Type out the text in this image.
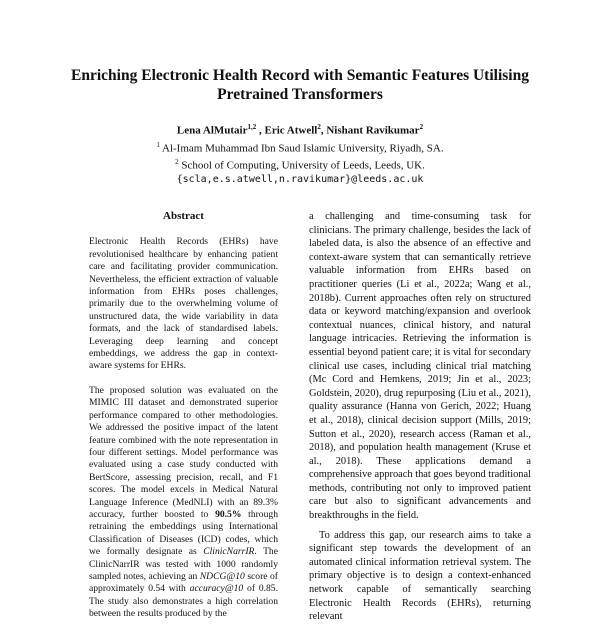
Enriching Electronic Health Record with Semantic Features Utilising
Pretrained Transformers
Lena AlMutair$^{1,2}$ , Eric Atwell$^2$, Nishant Ravikumar$^2$
$^1$ Al-Imam Muhammad Ibn Saud Islamic University, Riyadh, SA.
$^2$ School of Computing, University of Leeds, Leeds, UK.
{scla,e.s.atwell,n.ravikumar}@leeds.ac.uk
Abstract

Electronic Health Records (EHRs) have revolutionised healthcare by enhancing patient care and facilitating provider communication. Nevertheless, the efficient extraction of valuable information from EHRs poses challenges, primarily due to the overwhelming volume of unstructured data, the wide variability in data formats, and the lack of standardised labels. Leveraging deep learning and concept embeddings, we address the gap in context-aware systems for EHRs.

The proposed solution was evaluated on the MIMIC III dataset and demonstrated superior performance compared to other methodologies. We addressed the positive impact of the latent feature combined with the note representation in four different settings. Model performance was evaluated using a case study conducted with BertScore, assessing precision, recall, and F1 scores. The model excels in Medical Natural Language Inference (MedNLI) with an 89.3% accuracy, further boosted to 90.5% through retraining the embeddings using International Classification of Diseases (ICD) codes, which we formally designate as ClinicNarrIR. The ClinicNarrIR was tested with 1000 randomly sampled notes, achieving an NDCG@10 score of approximately 0.54 with accuracy@10 of 0.85. The study also demonstrates a high correlation between the results produced by the

a challenging and time-consuming task for clinicians. The primary challenge, besides the lack of labeled data, is also the absence of an effective and context-aware system that can semantically retrieve valuable information from EHRs based on practitioner queries (Li et al., 2022a; Wang et al., 2018b). Current approaches often rely on structured data or keyword matching/expansion and overlook contextual nuances, clinical history, and natural language intricacies. Retrieving the information is essential beyond patient care; it is vital for secondary clinical use cases, including clinical trial matching (Mc Cord and Hemkens, 2019; Jin et al., 2023; Goldstein, 2020), drug repurposing (Liu et al., 2021), quality assurance (Hanna von Gerich, 2022; Huang et al., 2018), clinical decision support (Mills, 2019; Sutton et al., 2020), research access (Raman et al., 2018), and population health management (Kruse et al., 2018). These applications demand a comprehensive approach that goes beyond traditional methods, contributing not only to improved patient care but also to significant advancements and breakthroughs in the field.

To address this gap, our research aims to take a significant step towards the development of an automated clinical information retrieval system. The primary objective is to design a context-enhanced network capable of semantically searching Electronic Health Records (EHRs), returning relevant
